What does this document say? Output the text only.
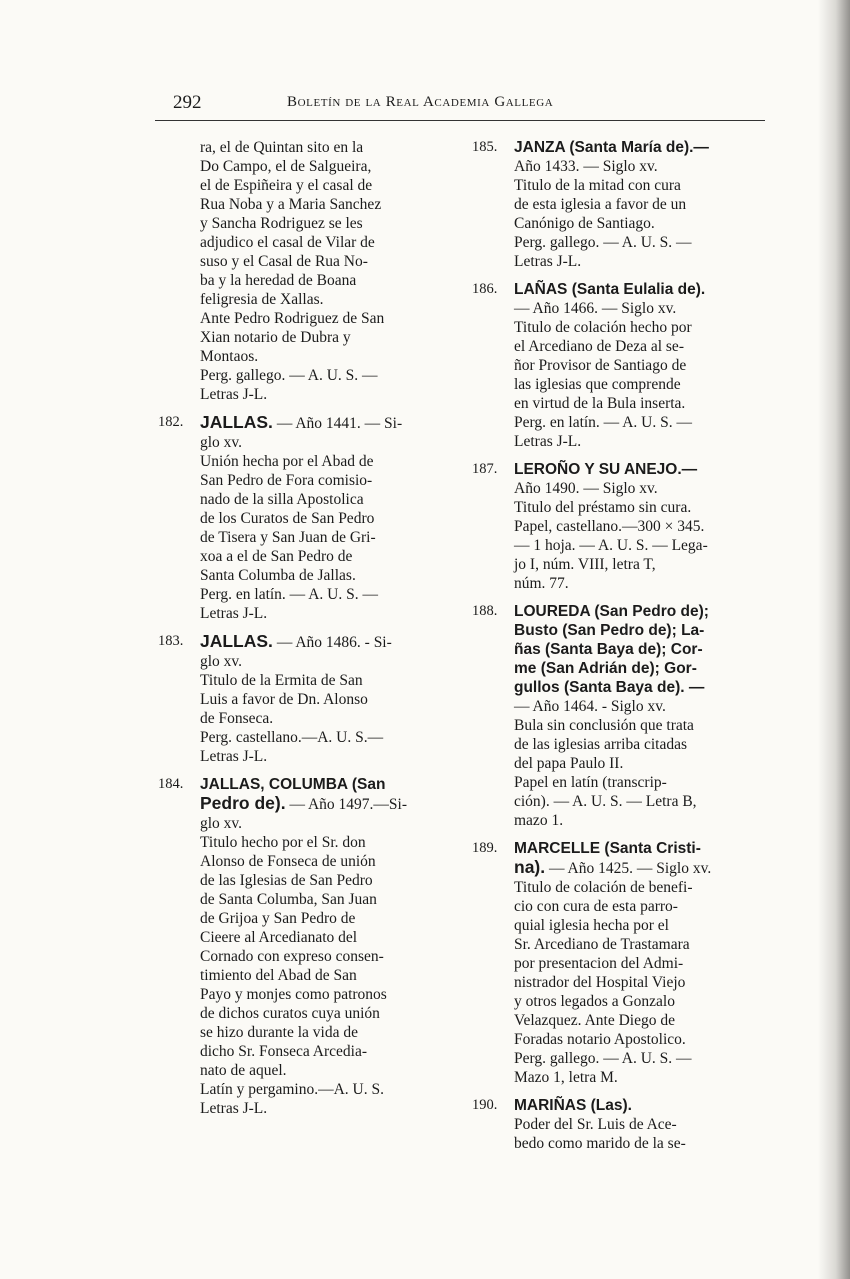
292	Boletín de la Real Academia Gallega
ra, el de Quintan sito en la
Do Campo, el de Salgueira,
el de Espiñeira y el casal de
Rua Noba y a Maria Sanchez
y Sancha Rodriguez se les
adjudico el casal de Vilar de
suso y el Casal de Rua No-
ba y la heredad de Boana
feligresia de Xallas.
Ante Pedro Rodriguez de San
Xian notario de Dubra y
Montaos.
Perg. gallego. — A. U. S. —
Letras J-L.
182. JALLAS. — Año 1441. — Si-
glo xv.
Unión hecha por el Abad de
San Pedro de Fora comisio-
nado de la silla Apostolica
de los Curatos de San Pedro
de Tisera y San Juan de Gri-
xoa a el de San Pedro de
Santa Columba de Jallas.
Perg. en latín. — A. U. S. —
Letras J-L.
183. JALLAS. — Año 1486. - Si-
glo xv.
Titulo de la Ermita de San
Luis a favor de Dn. Alonso
de Fonseca.
Perg. castellano.—A. U. S.—
Letras J-L.
184. JALLAS, COLUMBA (San
Pedro de). — Año 1497.—Si-
glo xv.
Titulo hecho por el Sr. don
Alonso de Fonseca de unión
de las Iglesias de San Pedro
de Santa Columba, San Juan
de Grijoa y San Pedro de
Cieere al Arcedianato del
Cornado con expreso consen-
timiento del Abad de San
Payo y monjes como patronos
de dichos curatos cuya unión
se hizo durante la vida de
dicho Sr. Fonseca Arcedia-
nato de aquel.
Latín y pergamino.—A. U. S.
Letras J-L.
185. JANZA (Santa María de).—
Año 1433. — Siglo xv.
Titulo de la mitad con cura
de esta iglesia a favor de un
Canónigo de Santiago.
Perg. gallego. — A. U. S. —
Letras J-L.
186. LAÑAS (Santa Eulalia de).
— Año 1466. — Siglo xv.
Titulo de colación hecho por
el Arcediano de Deza al se-
ñor Provisor de Santiago de
las iglesias que comprende
en virtud de la Bula inserta.
Perg. en latín. — A. U. S. —
Letras J-L.
187. LEROÑO Y SU ANEJO.—
Año 1490. — Siglo xv.
Titulo del préstamo sin cura.
Papel, castellano.—300 × 345.
— 1 hoja. — A. U. S. — Lega-
jo I, núm. VIII, letra T,
núm. 77.
188. LOUREDA (San Pedro de);
Busto (San Pedro de); La-
ñas (Santa Baya de); Cor-
me (San Adrián de); Gor-
gullos (Santa Baya de). —
— Año 1464. - Siglo xv.
Bula sin conclusión que trata
de las iglesias arriba citadas
del papa Paulo II.
Papel en latín (transcrip-
ción). — A. U. S. — Letra B,
mazo 1.
189. MARCELLE (Santa Cristi-
na). — Año 1425. — Siglo xv.
Titulo de colación de benefi-
cio con cura de esta parro-
quial iglesia hecha por el
Sr. Arcediano de Trastamara
por presentacion del Admi-
nistrador del Hospital Viejo
y otros legados a Gonzalo
Velazquez. Ante Diego de
Foradas notario Apostolico.
Perg. gallego. — A. U. S. —
Mazo 1, letra M.
190. MARIÑAS (Las).
Poder del Sr. Luis de Ace-
bedo como marido de la se-
